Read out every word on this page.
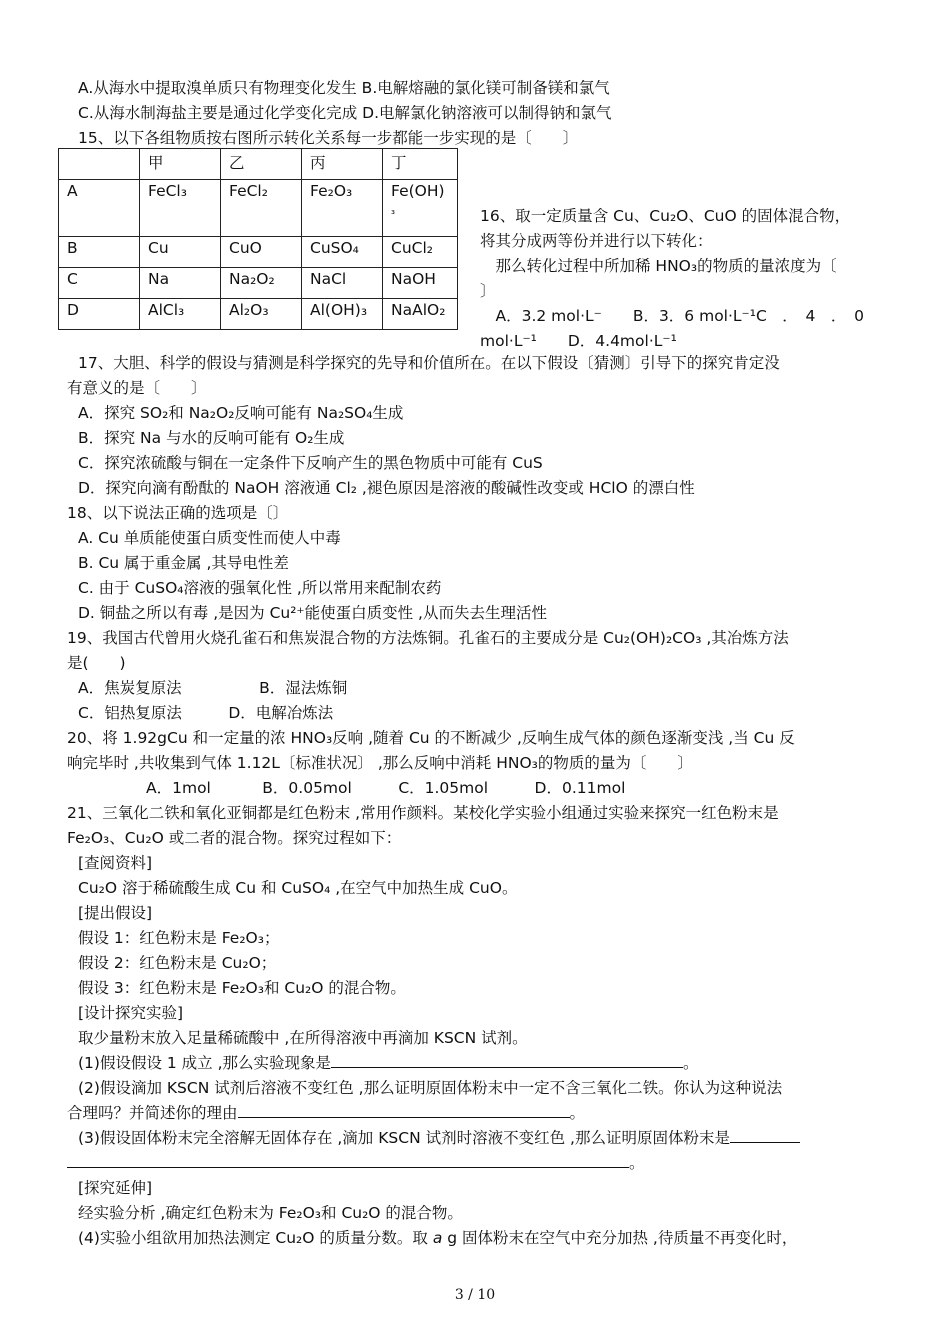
A.从海水中提取溴单质只有物理变化发生 B.电解熔融的氯化镁可制备镁和氯气
C.从海水制海盐主要是通过化学变化完成 D.电解氯化钠溶液可以制得钠和氯气
15、以下各组物质按右图所示转化关系每一步都能一步实现的是〔　　〕
	甲	乙	丙	丁
A	FeCl₃	FeCl₂	Fe₂O₃	Fe(OH)
₃
B	Cu	CuO	CuSO₄	CuCl₂
C	Na	Na₂O₂	NaCl	NaOH
D	AlCl₃	Al₂O₃	Al(OH)₃	NaAlO₂
16、取一定质量含 Cu、Cu₂O、CuO 的固体混合物，
将其分成两等份并进行以下转化：
　那么转化过程中所加稀 HNO₃的物质的量浓度为〔
〕
　A．3.2 mol·L⁻　　B．3．6 mol·L⁻¹C　．　4　．　0
mol·L⁻¹　　D．4.4mol·L⁻¹
17、大胆、科学的假设与猜测是科学探究的先导和价值所在。在以下假设〔猜测〕引导下的探究肯定没
有意义的是〔　　〕
A．探究 SO₂和 Na₂O₂反响可能有 Na₂SO₄生成
B．探究 Na 与水的反响可能有 O₂生成
C．探究浓硫酸与铜在一定条件下反响产生的黑色物质中可能有 CuS
D．探究向滴有酚酞的 NaOH 溶液通 Cl₂ ,褪色原因是溶液的酸碱性改变或 HClO 的漂白性
18、以下说法正确的选项是〔〕
A. Cu 单质能使蛋白质变性而使人中毒
B. Cu 属于重金属 ,其导电性差
C. 由于 CuSO₄溶液的强氧化性 ,所以常用来配制农药
D. 铜盐之所以有毒 ,是因为 Cu²⁺能使蛋白质变性 ,从而失去生理活性
19、我国古代曾用火烧孔雀石和焦炭混合物的方法炼铜。孔雀石的主要成分是 Cu₂(OH)₂CO₃ ,其冶炼方法
是(　　)
A．焦炭复原法　　　　　B．湿法炼铜
C．铝热复原法　　　D．电解冶炼法
20、将 1.92gCu 和一定量的浓 HNO₃反响 ,随着 Cu 的不断减少 ,反响生成气体的颜色逐渐变浅 ,当 Cu 反
响完毕时 ,共收集到气体 1.12L〔标准状况〕 ,那么反响中消耗 HNO₃的物质的量为〔　　〕
A．1mol　　　 B．0.05mol　　　C．1.05mol　　　D．0.11mol
21、三氧化二铁和氧化亚铜都是红色粉末 ,常用作颜料。某校化学实验小组通过实验来探究一红色粉末是
Fe₂O₃、Cu₂O 或二者的混合物。探究过程如下：
[查阅资料]
Cu₂O 溶于稀硫酸生成 Cu 和 CuSO₄ ,在空气中加热生成 CuO。
[提出假设]
假设 1：红色粉末是 Fe₂O₃；
假设 2：红色粉末是 Cu₂O；
假设 3：红色粉末是 Fe₂O₃和 Cu₂O 的混合物。
[设计探究实验]
取少量粉末放入足量稀硫酸中 ,在所得溶液中再滴加 KSCN 试剂。
(1)假设假设 1 成立 ,那么实验现象是	。
(2)假设滴加 KSCN 试剂后溶液不变红色 ,那么证明原固体粉末中一定不含三氧化二铁。你认为这种说法
合理吗？并简述你的理由	。
(3)假设固体粉末完全溶解无固体存在 ,滴加 KSCN 试剂时溶液不变红色 ,那么证明原固体粉末是
。
[探究延伸]
经实验分析 ,确定红色粉末为 Fe₂O₃和 Cu₂O 的混合物。
(4)实验小组欲用加热法测定 Cu₂O 的质量分数。取 a g 固体粉末在空气中充分加热 ,待质量不再变化时，
3 / 10
